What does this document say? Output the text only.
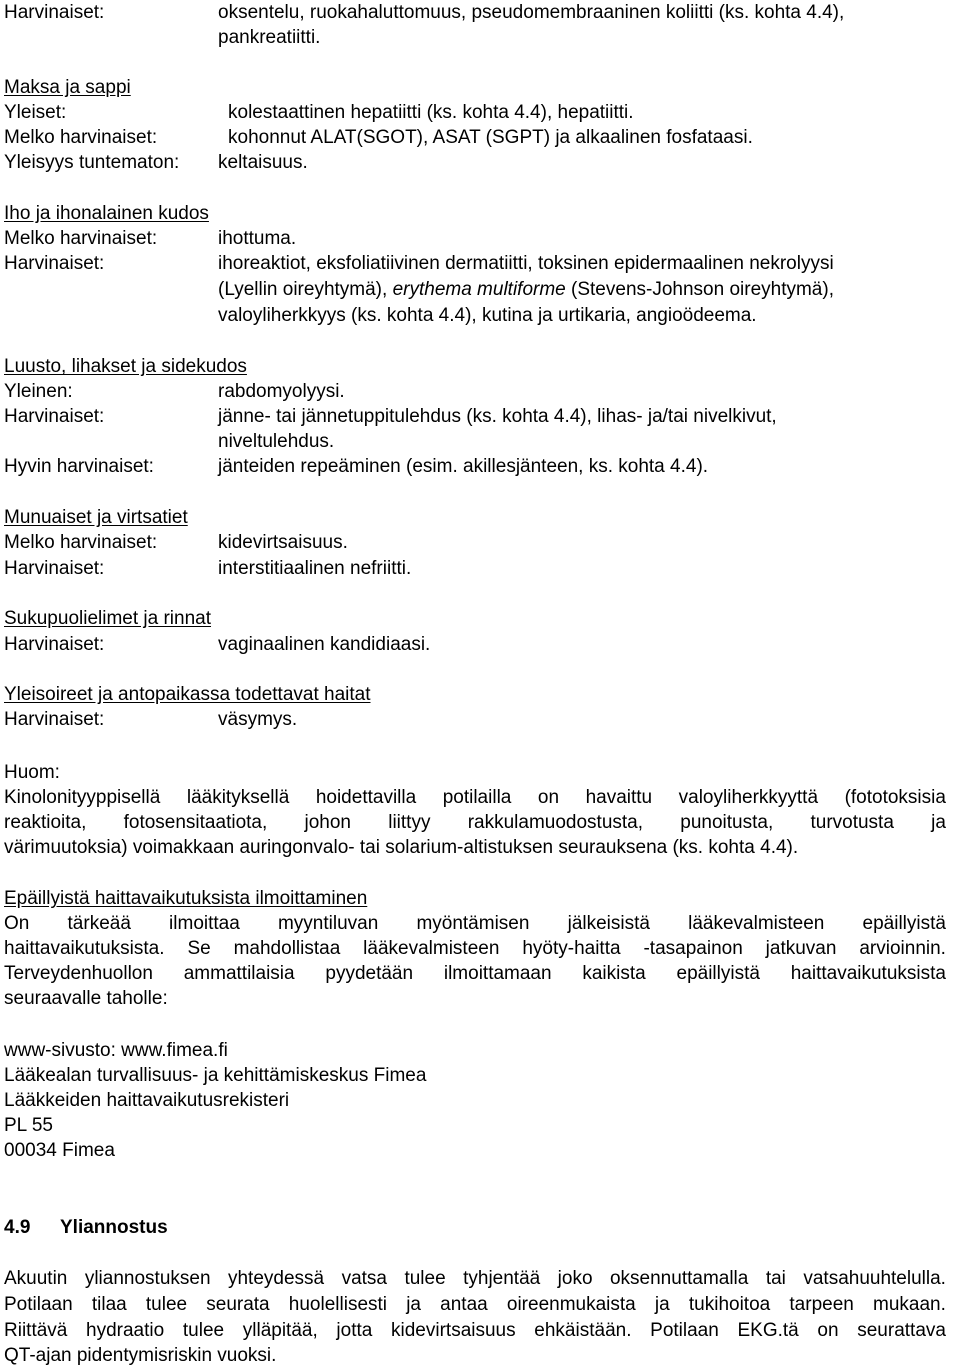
Harvinaiset:	oksentelu, ruokahaluttomuus, pseudomembraaninen koliitti (ks. kohta 4.4),
pankreatiitti.
Maksa ja sappi
Yleiset:	kolestaattinen hepatiitti (ks. kohta 4.4), hepatiitti.
Melko harvinaiset:	kohonnut ALAT(SGOT), ASAT (SGPT) ja alkaalinen fosfataasi.
Yleisyys tuntematon: keltaisuus.
Iho ja ihonalainen kudos
Melko harvinaiset:	ihottuma.
Harvinaiset:	ihoreaktiot, eksfoliatiivinen dermatiitti, toksinen epidermaalinen nekrolyysi
(Lyellin oireyhtymä), erythema multiforme (Stevens-Johnson oireyhtymä),
valoyliherkkyys (ks. kohta 4.4), kutina ja urtikaria, angioödeema.
Luusto, lihakset ja sidekudos
Yleinen:	rabdomyolyysi.
Harvinaiset:	jänne- tai jännetuppitulehdus (ks. kohta 4.4), lihas- ja/tai nivelkivut,
niveltulehdus.
Hyvin harvinaiset:	jänteiden repeäminen (esim. akillesjänteen, ks. kohta 4.4).
Munuaiset ja virtsatiet
Melko harvinaiset:	kidevirtsaisuus.
Harvinaiset:	interstitiaalinen nefriitti.
Sukupuolielimet ja rinnat
Harvinaiset:	vaginaalinen kandidiaasi.
Yleisoireet ja antopaikassa todettavat haitat
Harvinaiset:	väsymys.
Huom:
Kinolonityyppisellä lääkityksellä hoidettavilla potilailla on havaittu valoyliherkkyyttä (fototoksisia
reaktioita, fotosensitaatiota, johon liittyy rakkulamuodostusta, punoitusta, turvotusta ja
värimuutoksia) voimakkaan auringonvalo- tai solarium-altistuksen seurauksena (ks. kohta 4.4).
Epäillyistä haittavaikutuksista ilmoittaminen
On tärkeää ilmoittaa myyntiluvan myöntämisen jälkeisistä lääkevalmisteen epäillyistä
haittavaikutuksista. Se mahdollistaa lääkevalmisteen hyöty-haitta -tasapainon jatkuvan arvioinnin.
Terveydenhuollon ammattilaisia pyydetään ilmoittamaan kaikista epäillyistä haittavaikutuksista
seuraavalle taholle:
www-sivusto: www.fimea.fi
Lääkealan turvallisuus- ja kehittämiskeskus Fimea
Lääkkeiden haittavaikutusrekisteri
PL 55
00034 Fimea
4.9 Yliannostus
Akuutin yliannostuksen yhteydessä vatsa tulee tyhjentää joko oksennuttamalla tai vatsahuuhtelulla.
Potilaan tilaa tulee seurata huolellisesti ja antaa oireenmukaista ja tukihoitoa tarpeen mukaan.
Riittävä hydraatio tulee ylläpitää, jotta kidevirtsaisuus ehkäistään. Potilaan EKG.tä on seurattava
QT-ajan pidentymisriskin vuoksi.
